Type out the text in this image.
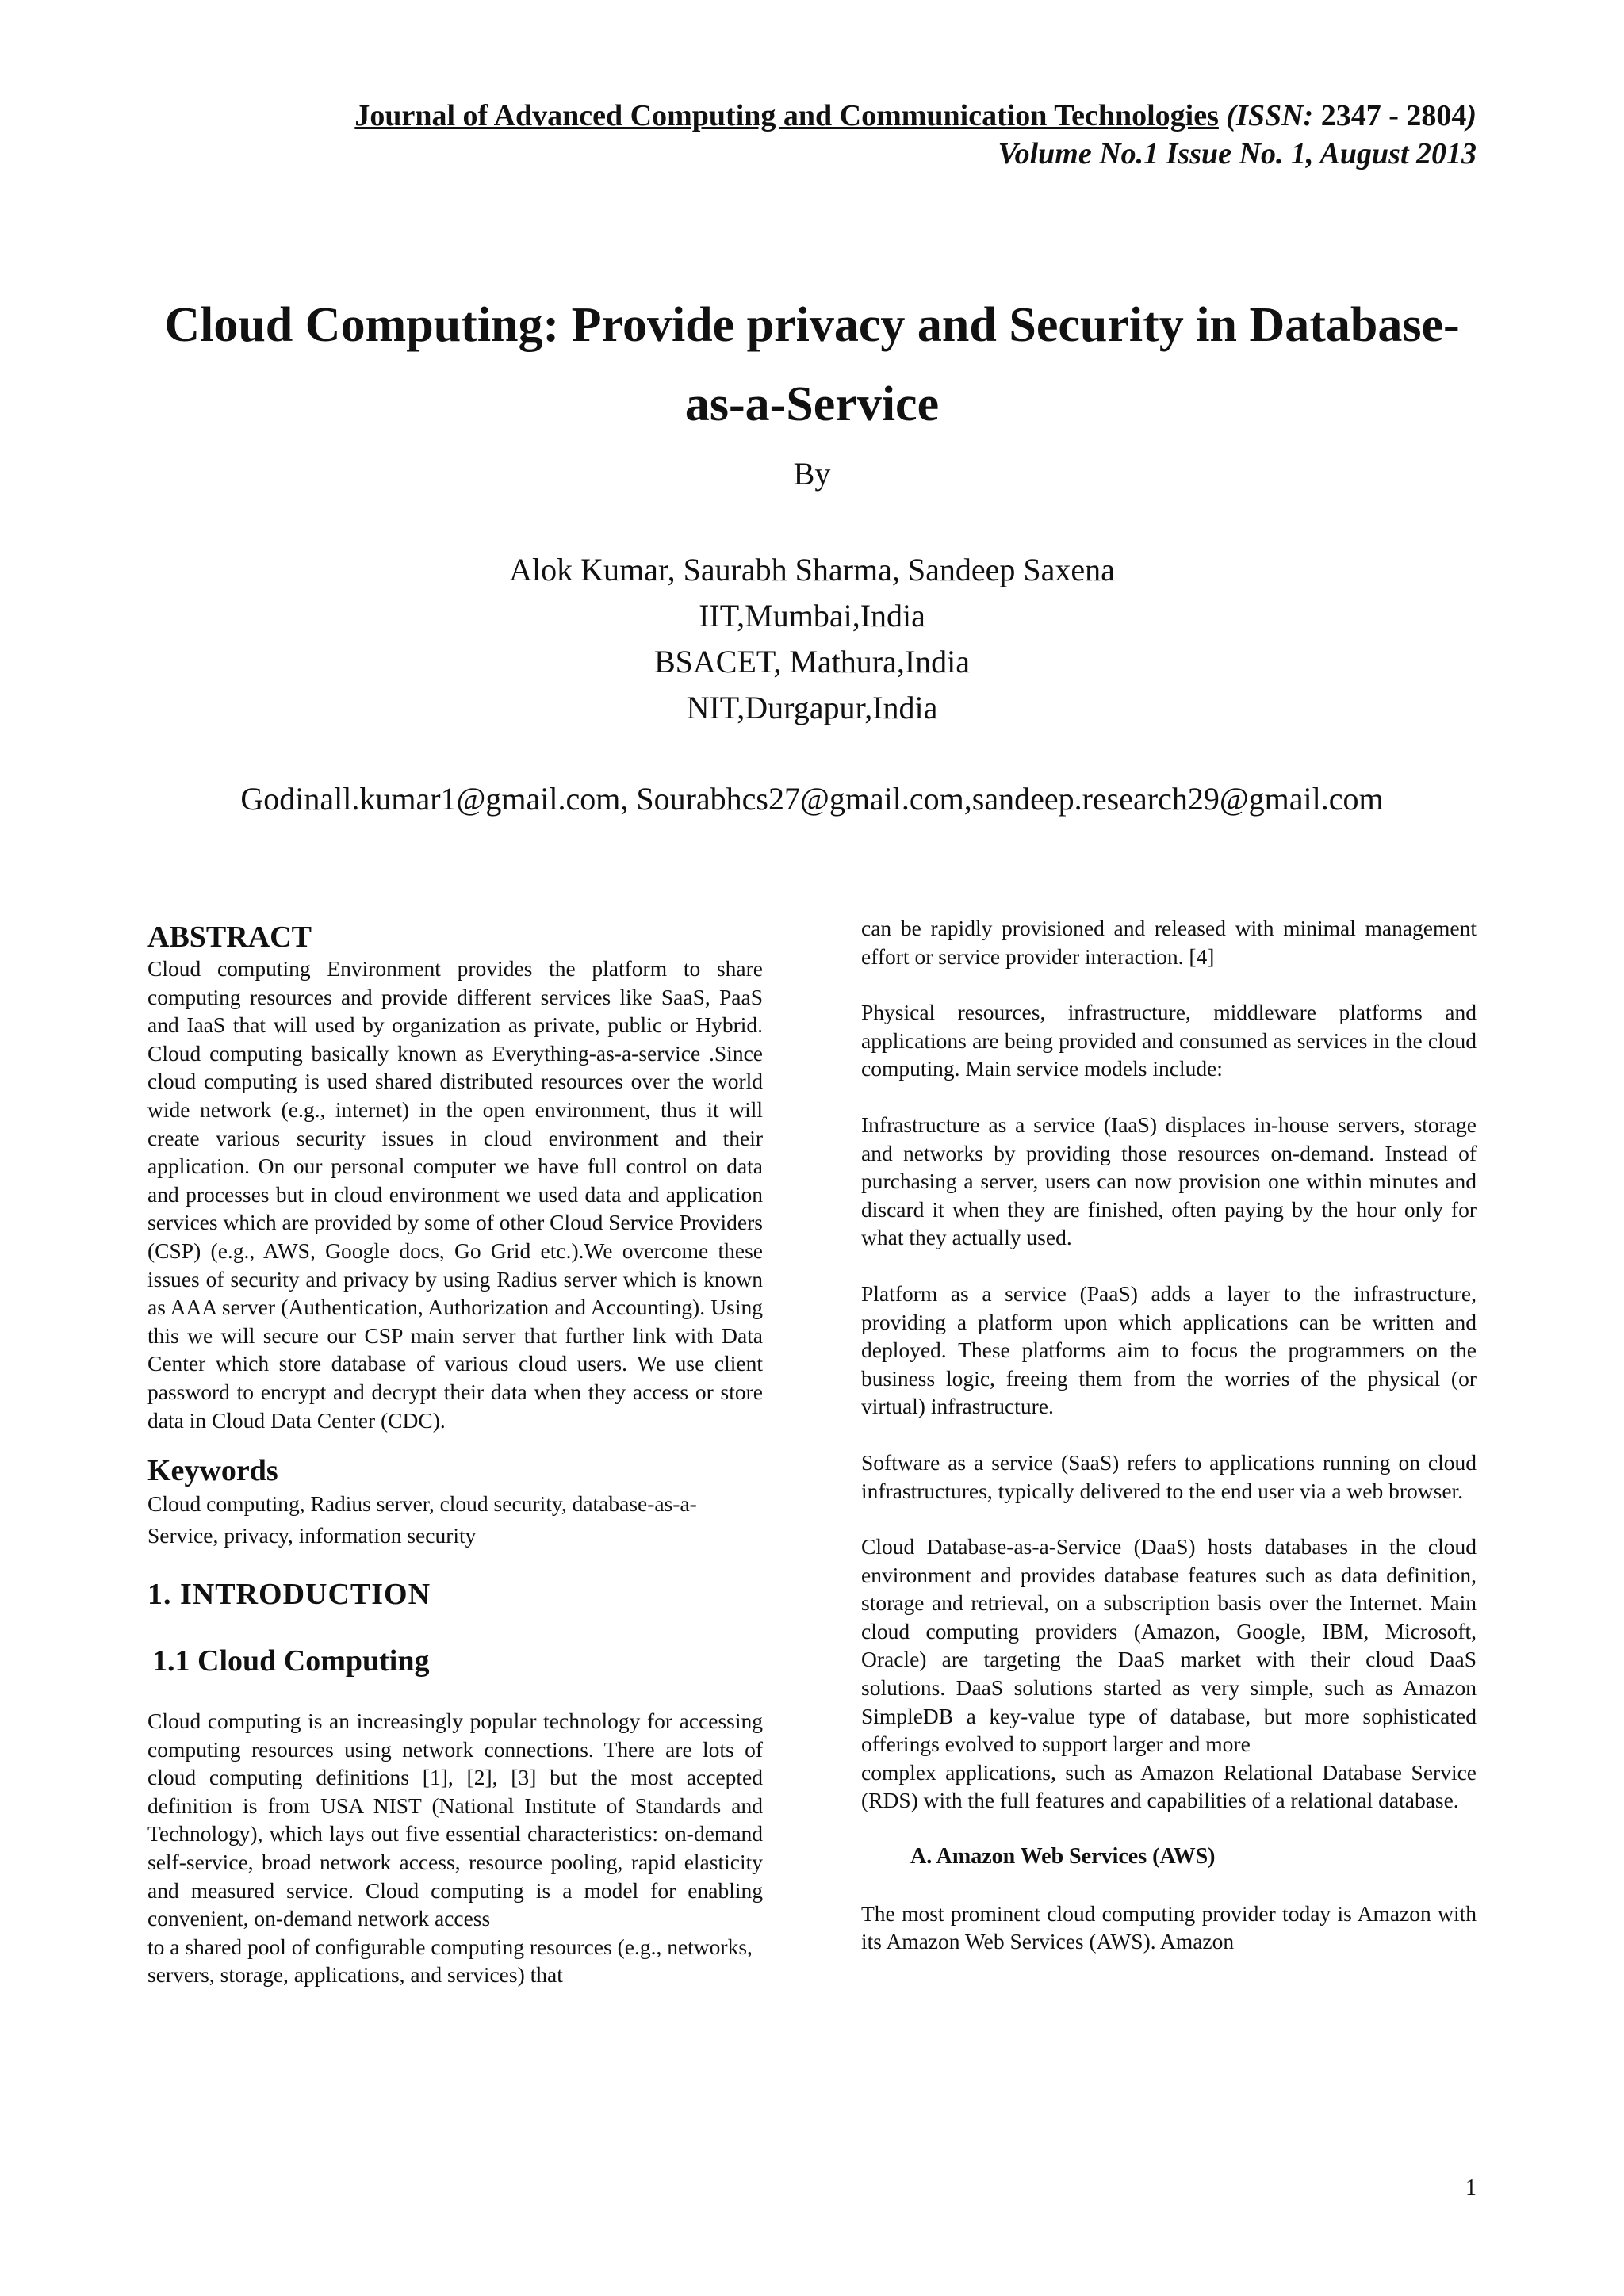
Journal of Advanced Computing and Communication Technologies (ISSN: 2347 - 2804)
Volume No.1 Issue No. 1, August 2013
Cloud Computing: Provide privacy and Security in Database-
as-a-Service
By
Alok Kumar, Saurabh Sharma, Sandeep Saxena
IIT,Mumbai,India
BSACET, Mathura,India
NIT,Durgapur,India
Godinall.kumar1@gmail.com, Sourabhcs27@gmail.com,sandeep.research29@gmail.com
ABSTRACT

Cloud computing Environment provides the platform to share computing resources and provide different services like SaaS, PaaS and IaaS that will used by organization as private, public or Hybrid. Cloud computing basically known as Everything-as-a-service .Since cloud computing is used shared distributed resources over the world wide network (e.g., internet) in the open environment, thus it will create various security issues in cloud environment and their application. On our personal computer we have full control on data and processes but in cloud environment we used data and application services which are provided by some of other Cloud Service Providers (CSP) (e.g., AWS, Google docs, Go Grid etc.).We overcome these issues of security and privacy by using Radius server which is known as AAA server (Authentication, Authorization and Accounting). Using this we will secure our CSP main server that further link with Data Center which store database of various cloud users. We use client password to encrypt and decrypt their data when they access or store data in Cloud Data Center (CDC).

Keywords

Cloud computing, Radius server, cloud security, database-as-a-Service, privacy, information security

1. INTRODUCTION
1.1 Cloud Computing

Cloud computing is an increasingly popular technology for accessing computing resources using network connections. There are lots of cloud computing definitions [1], [2], [3] but the most accepted definition is from USA NIST (National Institute of Standards and Technology), which lays out five essential characteristics: on-demand self-service, broad network access, resource pooling, rapid elasticity and measured service. Cloud computing is a model for enabling convenient, on-demand network access

to a shared pool of configurable computing resources (e.g., networks, servers, storage, applications, and services) that

can be rapidly provisioned and released with minimal management effort or service provider interaction. [4]

Physical resources, infrastructure, middleware platforms and applications are being provided and consumed as services in the cloud computing. Main service models include:

Infrastructure as a service (IaaS) displaces in-house servers, storage and networks by providing those resources on-demand. Instead of purchasing a server, users can now provision one within minutes and discard it when they are finished, often paying by the hour only for what they actually used.

Platform as a service (PaaS) adds a layer to the infrastructure, providing a platform upon which applications can be written and deployed. These platforms aim to focus the programmers on the business logic, freeing them from the worries of the physical (or virtual) infrastructure.

Software as a service (SaaS) refers to applications running on cloud infrastructures, typically delivered to the end user via a web browser.

Cloud Database-as-a-Service (DaaS) hosts databases in the cloud environment and provides database features such as data definition, storage and retrieval, on a subscription basis over the Internet. Main cloud computing providers (Amazon, Google, IBM, Microsoft, Oracle) are targeting the DaaS market with their cloud DaaS solutions. DaaS solutions started as very simple, such as Amazon SimpleDB a key-value type of database, but more sophisticated offerings evolved to support larger and more

complex applications, such as Amazon Relational Database Service (RDS) with the full features and capabilities of a relational database.

A. Amazon Web Services (AWS)

The most prominent cloud computing provider today is Amazon with its Amazon Web Services (AWS). Amazon

1
